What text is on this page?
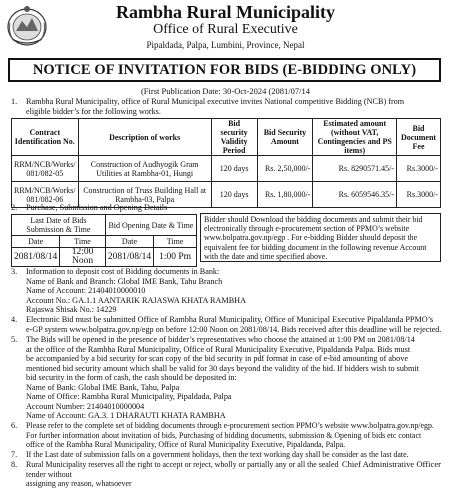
Rambha Rural Municipality
Office of Rural Executive
Pipaldada, Palpa, Lumbini, Province, Nepal
NOTICE OF INVITATION FOR BIDS (E-BIDDING ONLY)
(First Publication Date: 30-Oct-2024 (2081/07/14
1. Rambha Rural Municipality, office of Rural Municipal executive invites National competitive Bidding (NCB) from
eligible bidder’s for the following works.
Contract Identification No.	Description of works	Bid security Validity Period	Bid Security Amount	Estimated amount (without VAT, Contingencies and PS items)	Bid Document Fee
RRM/NCB/Works/ 081/082-05	Construction of Audhyogik Gram Utilities at Rambha-01, Hungi	120 days	Rs. 2,50,000/-	Rs. 8290571.45/-	Rs.3000/-
RRM/NCB/Works/ 081/082-06	Construction of Truss Building Hall at Rambha-03, Palpa	120 days	Rs. 1,80,000/-	Rs. 6059546.35/-	Rs.3000/-
2. Purchase, Submission and Opening Details
Last Date of Bids Submission & Time		Bid Opening Date & Time	
Date	Time	Date	Time
2081/08/14	12:00 Noon	2081/08/14	1:00 Pm
Bidder should Download the bidding documents and submit their bid electronically through e-procurement section of PPMO’s website www.bolpatra.gov.np/egp . For e-bidding Bidder should deposit the equivalent fee for bidding document in the following revenue Account with the date and time specified above.
3. Information to deposit cost of Bidding documents in Bank:
Name of Bank and Branch: Global IME Bank, Tahu Branch
Name of Account: 21404010000010
Account No.: GA.1.1 AANTARIK RAJASWA KHATA RAMBHA
Rajaswa Shisak No.: 14229
4. Electronic Bid must be submitted Office of Rambha Rural Municipality, Office of Municipal Executive Pipaldanda PPMO’s
e-GP system www.bolpatra.gov.np/egp on before 12:00 Noon on 2081/08/14. Bids received after this deadline will be rejected.
5. The Bids will be opened in the presence of bidder’s representatives who choose the attained at 1:00 PM on 2081/08/14
at the office of the Rambha Rural Municipality, Office of Rural Municipality Executive, Pipaldanda Palpa. Bids must
be accompanied by a bid security for scan copy of the bid security in pdf format in case of e-bid amounting of above
mentioned bid security amount which shall be valid for 30 days beyond the validity of the bid. If bidders wish to submit
bid security in the form of cash, the cash should be deposited in:
Name of Bank: Global IME Bank, Tahu, Palpa
Name of Office: Rambha Rural Municipality, Pipaldada, Palpa
Account Number: 21404010000004
Name of Account: GA.3. 1 DHARAUTI KHATA RAMBHA
6. Please refer to the complete set of bidding documents through e-procurement section PPMO’s website www.bolpatra.gov.np/egp.
For further information about invitation of bids, Purchasing of bidding documents, submission & Opening of bids etc contact
office of the Rambha Rural Municipality, Office of Rural Municipality Executive, Pipaldanda, Palpa.
7. If the Last date of submission falls on a government holidays, then the text working day shall be consider as the last date.
8. Rural Municipality reserves all the right to accept or reject, wholly or partially any or all the sealed tender without
assigning any reason, whatsoever
Chief Administrative Officer
